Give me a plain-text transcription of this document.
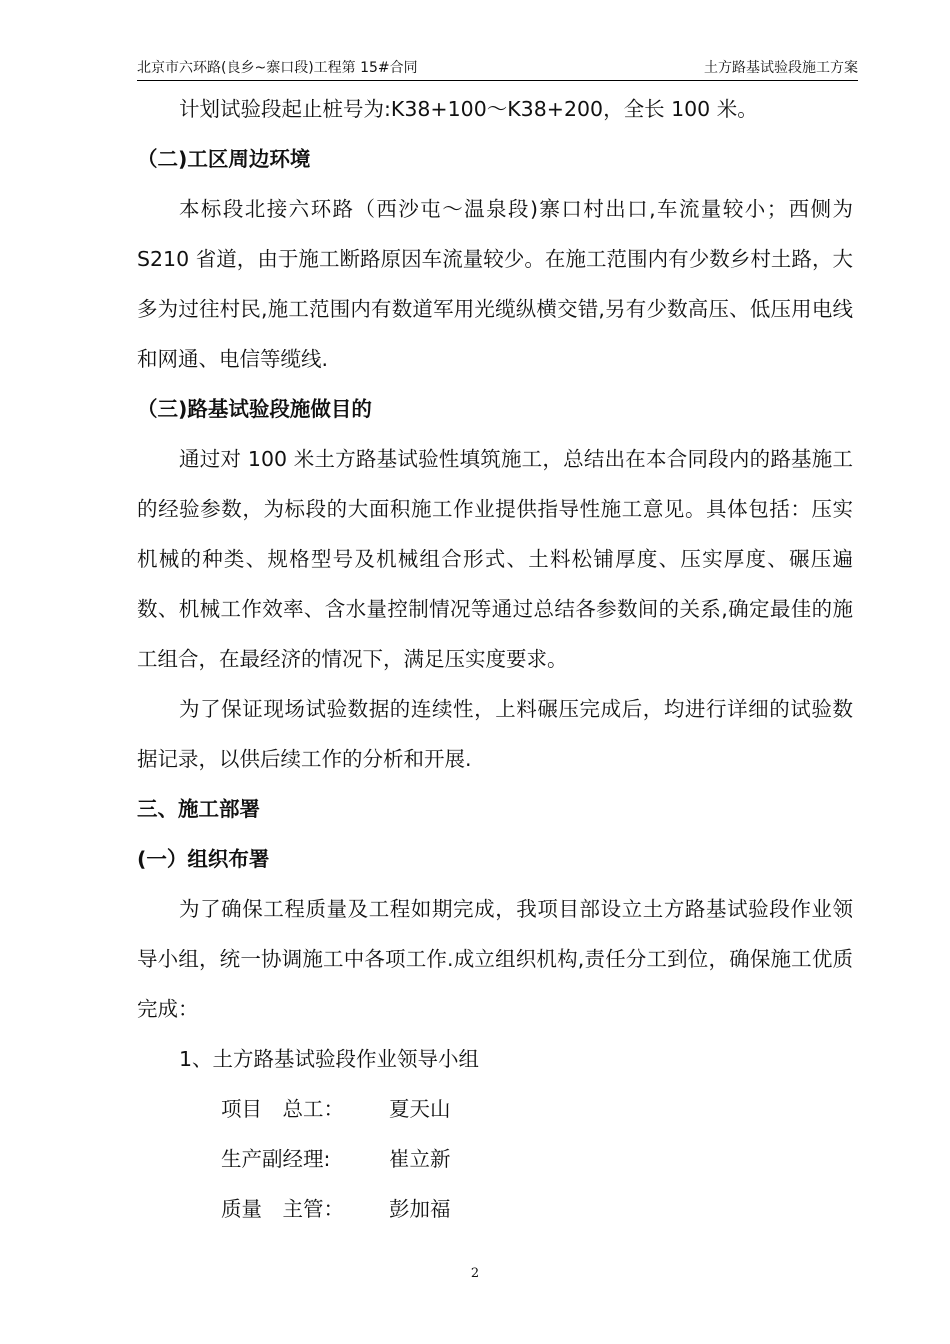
北京市六环路(良乡~寨口段)工程第 15#合同	土方路基试验段施工方案

计划试验段起止桩号为:K38+100～K38+200，全长 100 米。

（二)工区周边环境

本标段北接六环路（西沙屯～温泉段)寨口村出口,车流量较小；西侧为 S210 省道，由于施工断路原因车流量较少。在施工范围内有少数乡村土路，大多为过往村民,施工范围内有数道军用光缆纵横交错,另有少数高压、低压用电线和网通、电信等缆线.

（三)路基试验段施做目的

通过对 100 米土方路基试验性填筑施工，总结出在本合同段内的路基施工的经验参数，为标段的大面积施工作业提供指导性施工意见。具体包括：压实机械的种类、规格型号及机械组合形式、土料松铺厚度、压实厚度、碾压遍数、机械工作效率、含水量控制情况等通过总结各参数间的关系,确定最佳的施工组合，在最经济的情况下，满足压实度要求。

为了保证现场试验数据的连续性，上料碾压完成后，均进行详细的试验数据记录，以供后续工作的分析和开展.

三、施工部署

(一）组织布署

为了确保工程质量及工程如期完成，我项目部设立土方路基试验段作业领导小组，统一协调施工中各项工作.成立组织机构,责任分工到位，确保施工优质完成：

1、土方路基试验段作业领导小组

项目　总工： 夏天山

生产副经理:	崔立新

质量　主管： 彭加福

2
